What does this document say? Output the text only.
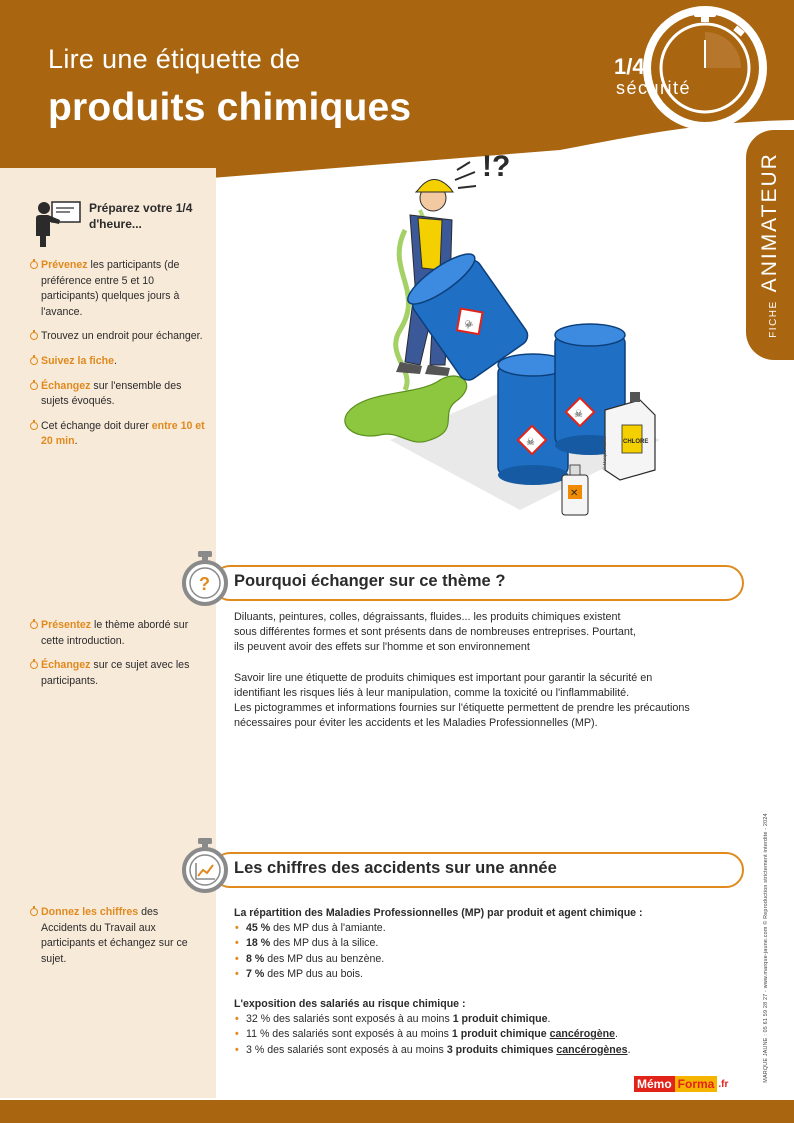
Lire une étiquette de
produits chimiques
1/4$^h$
sécurité
FICHE
ANIMATEUR
Préparez votre 1/4 d'heure...
Prévenez les participants (de préférence entre 5 et 10 participants) quelques jours à l'avance.
Trouvez un endroit pour échanger.
Suivez la fiche.
Échangez sur l'ensemble des sujets évoqués.
Cet échange doit durer entre 10 et 20 min.
!?
☠
☠
☠
CHLORE
✕
© Marque Jaune
? Pourquoi échanger sur ce thème ?
Présentez le thème abordé sur cette introduction.
Échangez sur ce sujet avec les participants.

Diluants, peintures, colles, dégraissants, fluides... les produits chimiques existent
sous différentes formes et sont présents dans de nombreuses entreprises. Pourtant,
ils peuvent avoir des effets sur l'homme et son environnement

Savoir lire une étiquette de produits chimiques est important pour garantir la sécurité en
identifiant les risques liés à leur manipulation, comme la toxicité ou l'inflammabilité.
Les pictogrammes et informations fournies sur l'étiquette permettent de prendre les précautions
nécessaires pour éviter les accidents et les Maladies Professionnelles (MP).

Les chiffres des accidents sur une année
Donnez les chiffres des Accidents du Travail aux participants et échangez sur ce sujet.
La répartition des Maladies Professionnelles (MP) par produit et agent chimique :
• 45 % des MP dus à l'amiante.
• 18 % des MP dus à la silice.
• 8 % des MP dus au benzène.
• 7 % des MP dus au bois.
L'exposition des salariés au risque chimique :
• 32 % des salariés sont exposés à au moins 1 produit chimique.
• 11 % des salariés sont exposés à au moins 1 produit chimique cancérogène.
• 3 % des salariés sont exposés à au moins 3 produits chimiques cancérogènes.	MARQUE JAUNE : 05 61 59 28 27 - www.marque-jaune.com © Reproduction strictement interdite - 2024
Mémo Forma .fr
